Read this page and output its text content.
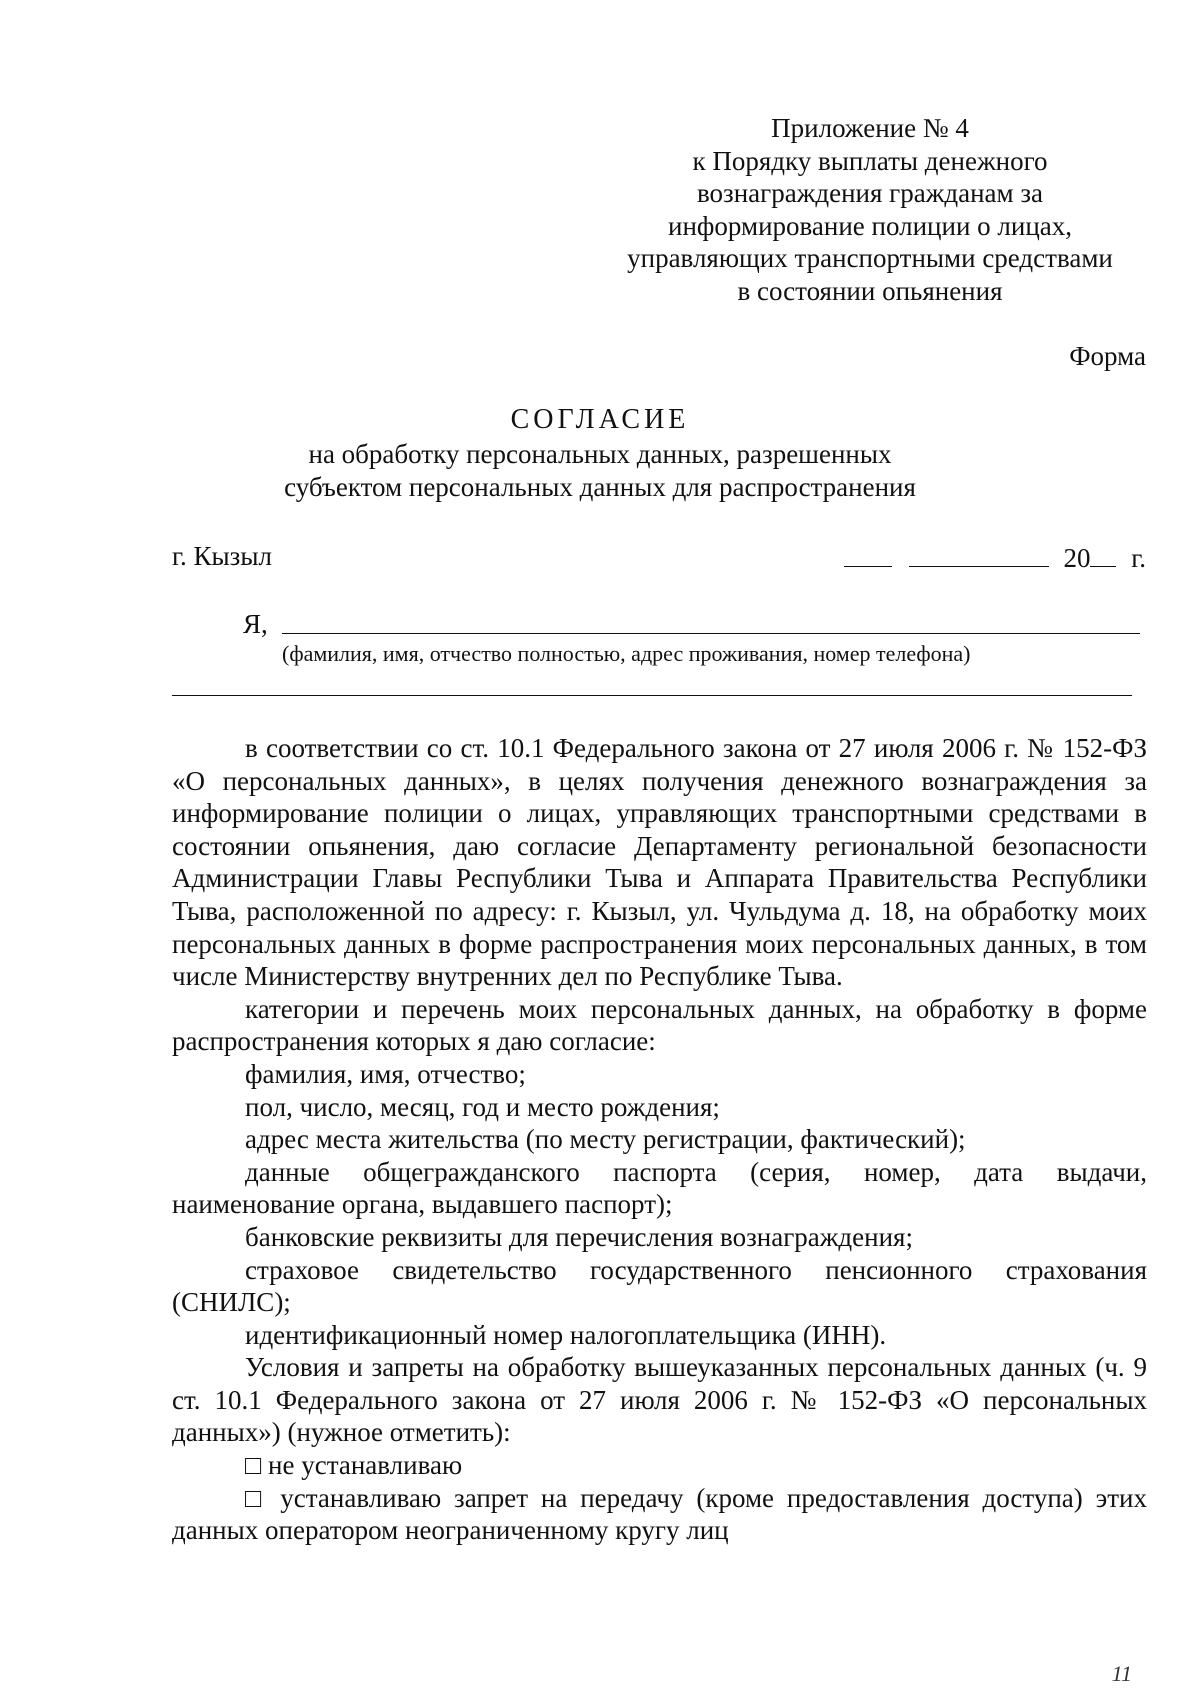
Приложение № 4
к Порядку выплаты денежного
вознаграждения гражданам за
информирование полиции о лицах,
управляющих транспортными средствами
в состоянии опьянения
Форма
СОГЛАСИЕ
на обработку персональных данных, разрешенных
субъектом персональных данных для распространения
г. Кызыл	20 г.
Я,
(фамилия, имя, отчество полностью, адрес проживания, номер телефона)

в соответствии со ст. 10.1 Федерального закона от 27 июля 2006 г. № 152-ФЗ «О персональных данных», в целях получения денежного вознаграждения за информирование полиции о лицах, управляющих транспортными средствами в состоянии опьянения, даю согласие Департаменту региональной безопасности Администрации Главы Республики Тыва и Аппарата Правительства Республики Тыва, расположенной по адресу: г. Кызыл, ул. Чульдума д. 18, на обработку моих персональных данных в форме распространения моих персональных данных, в том числе Министерству внутренних дел по Республике Тыва.

категории и перечень моих персональных данных, на обработку в форме распространения которых я даю согласие:

фамилия, имя, отчество;

пол, число, месяц, год и место рождения;

адрес места жительства (по месту регистрации, фактический);

данные общегражданского паспорта (серия, номер, дата выдачи, наименование органа, выдавшего паспорт);

банковские реквизиты для перечисления вознаграждения;

страховое свидетельство государственного пенсионного страхования (СНИЛС);

идентификационный номер налогоплательщика (ИНН).

Условия и запреты на обработку вышеуказанных персональных данных (ч. 9 ст. 10.1 Федерального закона от 27 июля 2006 г. № 152-ФЗ «О персональных данных») (нужное отметить):

□ не устанавливаю

□ устанавливаю запрет на передачу (кроме предоставления доступа) этих данных оператором неограниченному кругу лиц

11
